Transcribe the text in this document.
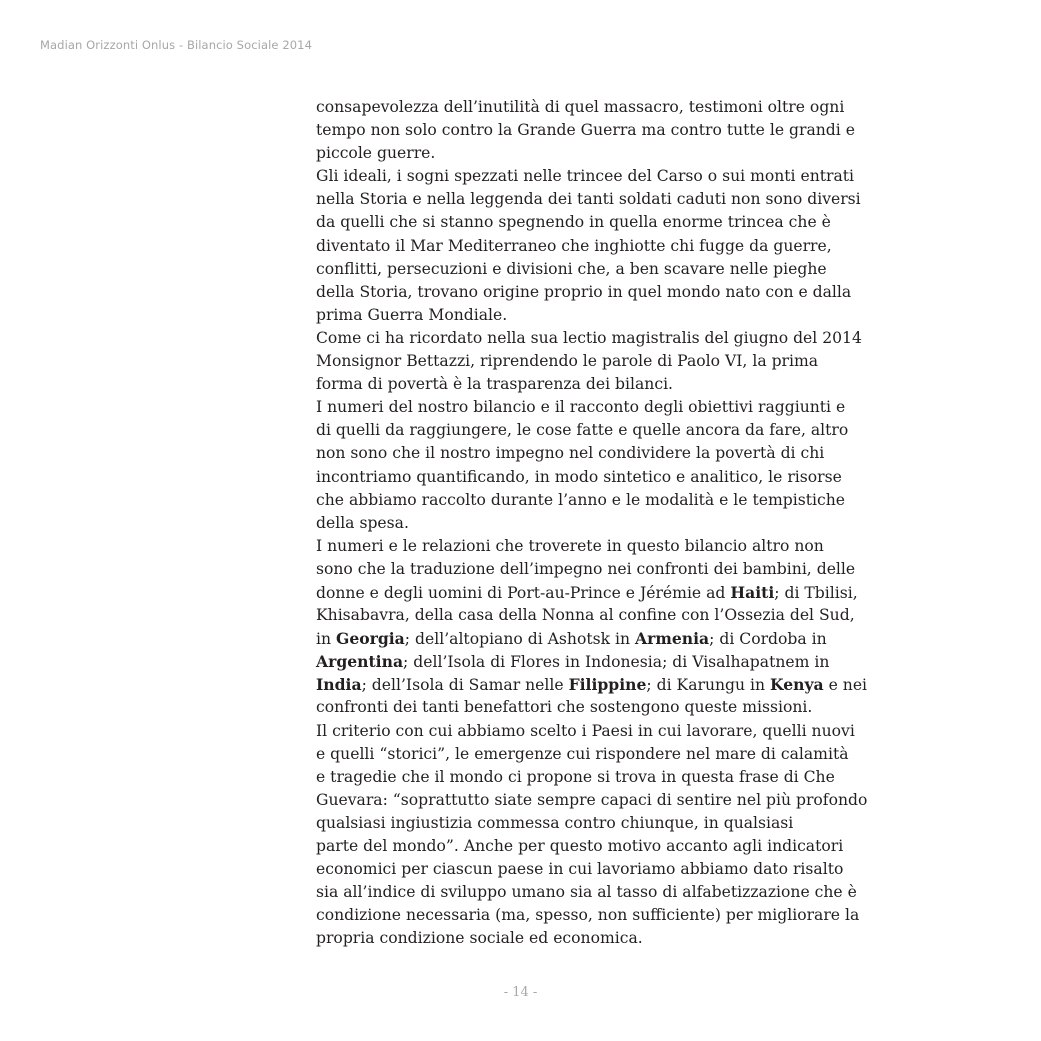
Madian Orizzonti Onlus - Bilancio Sociale 2014
consapevolezza dell’inutilità di quel massacro, testimoni oltre ogni
tempo non solo contro la Grande Guerra ma contro tutte le grandi e
piccole guerre.
Gli ideali, i sogni spezzati nelle trincee del Carso o sui monti entrati
nella Storia e nella leggenda dei tanti soldati caduti non sono diversi
da quelli che si stanno spegnendo in quella enorme trincea che è
diventato il Mar Mediterraneo che inghiotte chi fugge da guerre,
conflitti, persecuzioni e divisioni che, a ben scavare nelle pieghe
della Storia, trovano origine proprio in quel mondo nato con e dalla
prima Guerra Mondiale.
Come ci ha ricordato nella sua lectio magistralis del giugno del 2014
Monsignor Bettazzi, riprendendo le parole di Paolo VI, la prima
forma di povertà è la trasparenza dei bilanci.
I numeri del nostro bilancio e il racconto degli obiettivi raggiunti e
di quelli da raggiungere, le cose fatte e quelle ancora da fare, altro
non sono che il nostro impegno nel condividere la povertà di chi
incontriamo quantificando, in modo sintetico e analitico, le risorse
che abbiamo raccolto durante l’anno e le modalità e le tempistiche
della spesa.
I numeri e le relazioni che troverete in questo bilancio altro non
sono che la traduzione dell’impegno nei confronti dei bambini, delle
donne e degli uomini di Port-au-Prince e Jérémie ad Haiti; di Tbilisi,
Khisabavra, della casa della Nonna al confine con l’Ossezia del Sud,
in Georgia; dell’altopiano di Ashotsk in Armenia; di Cordoba in
Argentina; dell’Isola di Flores in Indonesia; di Visalhapatnem in
India; dell’Isola di Samar nelle Filippine; di Karungu in Kenya e nei
confronti dei tanti benefattori che sostengono queste missioni.
Il criterio con cui abbiamo scelto i Paesi in cui lavorare, quelli nuovi
e quelli “storici”, le emergenze cui rispondere nel mare di calamità
e tragedie che il mondo ci propone si trova in questa frase di Che
Guevara: “soprattutto siate sempre capaci di sentire nel più profondo
qualsiasi ingiustizia commessa contro chiunque, in qualsiasi
parte del mondo”. Anche per questo motivo accanto agli indicatori
economici per ciascun paese in cui lavoriamo abbiamo dato risalto
sia all’indice di sviluppo umano sia al tasso di alfabetizzazione che è
condizione necessaria (ma, spesso, non sufficiente) per migliorare la
propria condizione sociale ed economica.
- 14 -
